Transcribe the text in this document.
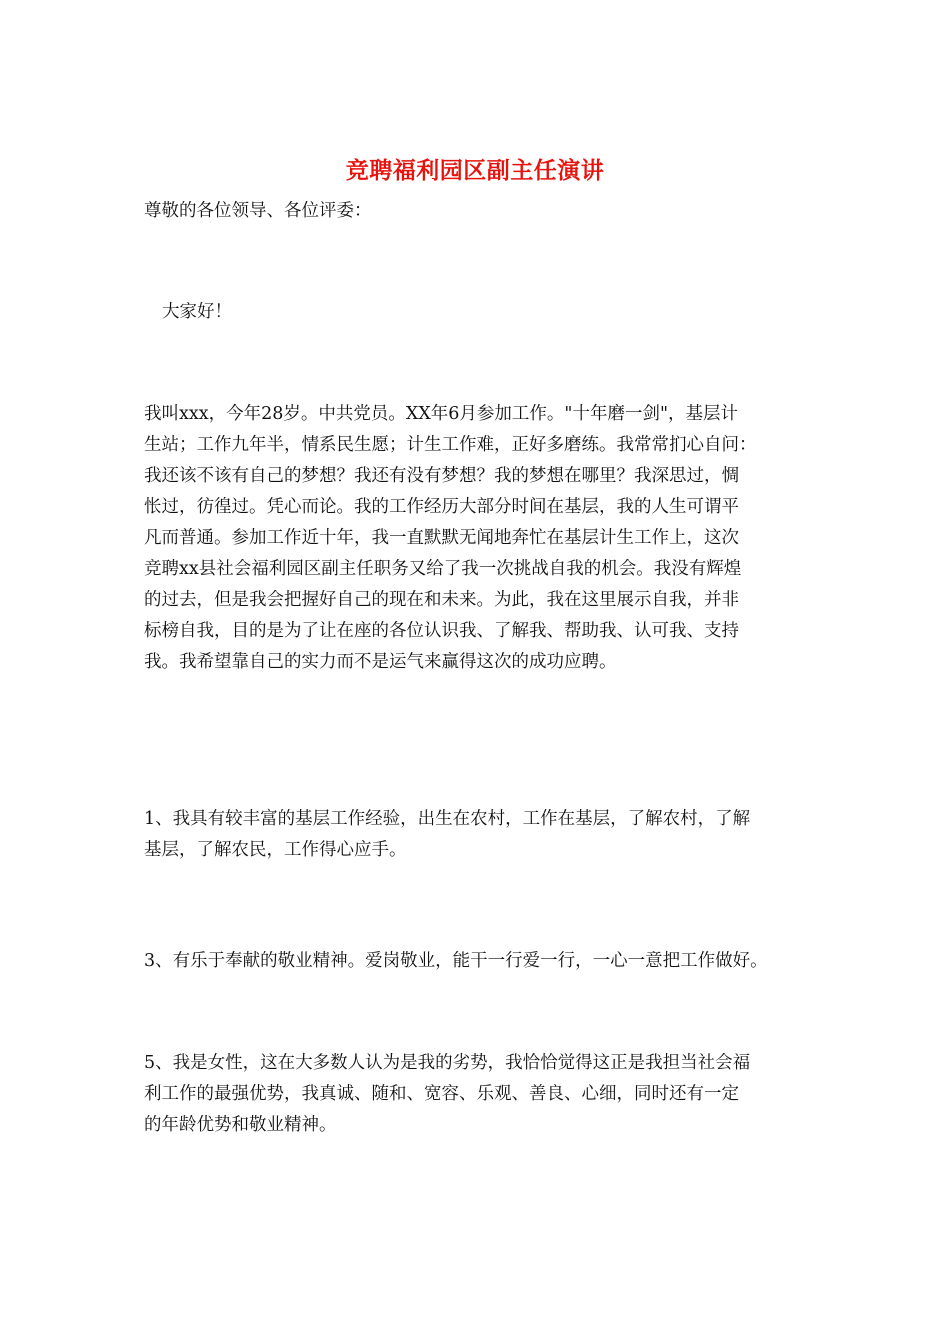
竞聘福利园区副主任演讲
尊敬的各位领导、各位评委：
大家好！
我叫xxx，今年28岁。中共党员。XX年6月参加工作。"十年磨一剑"，基层计
生站；工作九年半，情系民生愿；计生工作难，正好多磨练。我常常扪心自问：
我还该不该有自己的梦想？我还有没有梦想？我的梦想在哪里？我深思过，惆
怅过，彷徨过。凭心而论。我的工作经历大部分时间在基层，我的人生可谓平
凡而普通。参加工作近十年，我一直默默无闻地奔忙在基层计生工作上，这次
竞聘xx县社会福利园区副主任职务又给了我一次挑战自我的机会。我没有辉煌
的过去，但是我会把握好自己的现在和未来。为此，我在这里展示自我，并非
标榜自我，目的是为了让在座的各位认识我、了解我、帮助我、认可我、支持
我。我希望靠自己的实力而不是运气来赢得这次的成功应聘。
1、我具有较丰富的基层工作经验，出生在农村，工作在基层，了解农村，了解
基层，了解农民，工作得心应手。
3、有乐于奉献的敬业精神。爱岗敬业，能干一行爱一行，一心一意把工作做好。
5、我是女性，这在大多数人认为是我的劣势，我恰恰觉得这正是我担当社会福
利工作的最强优势，我真诚、随和、宽容、乐观、善良、心细，同时还有一定
的年龄优势和敬业精神。
